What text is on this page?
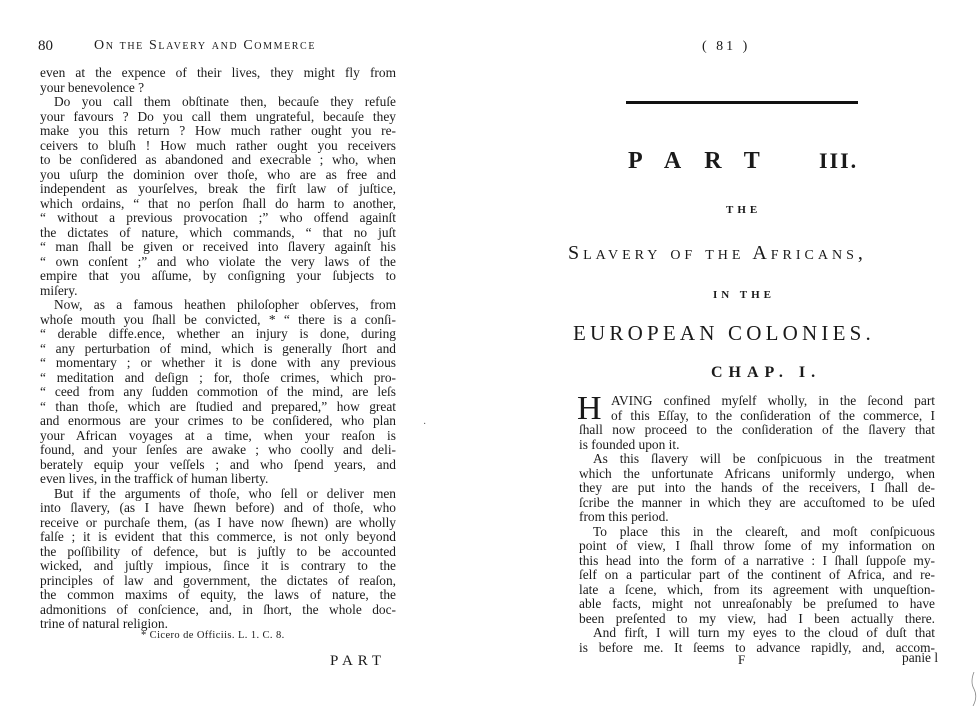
80	On the Slavery and Commerce
even at the expence of their lives, they might fly from
your benevolence ?
Do you call them obſtinate then, becauſe they refuſe
your favours ? Do you call them ungrateful, becauſe they
make you this return ? How much rather ought you re-
ceivers to bluſh ! How much rather ought you receivers
to be conſidered as abandoned and execrable ; who, when
you uſurp the dominion over thoſe, who are as free and
independent as yourſelves, break the firſt law of juſtice,
which ordains, “ that no perſon ſhall do harm to another,
“ without a previous provocation ;” who offend againſt
the dictates of nature, which commands, “ that no juſt
“ man ſhall be given or received into ſlavery againſt his
“ own conſent ;” and who violate the very laws of the
empire that you aſſume, by conſigning your ſubjects to
miſery.
Now, as a famous heathen philoſopher obſerves, from
whoſe mouth you ſhall be convicted, * “ there is a conſi-
“ derable diffe.ence, whether an injury is done, during
“ any perturbation of mind, which is generally ſhort and
“ momentary ; or whether it is done with any previous
“ meditation and deſign ; for, thoſe crimes, which pro-
“ ceed from any ſudden commotion of the mind, are leſs
“ than thoſe, which are ſtudied and prepared,” how great
and enormous are your crimes to be conſidered, who plan
your African voyages at a time, when your reaſon is
found, and your ſenſes are awake ; who coolly and deli-
berately equip your veſſels ; and who ſpend years, and
even lives, in the traffick of human liberty.
But if the arguments of thoſe, who ſell or deliver men
into ſlavery, (as I have ſhewn before) and of thoſe, who
receive or purchaſe them, (as I have now ſhewn) are wholly
falſe ; it is evident that this commerce, is not only beyond
the poſſibility of defence, but is juſtly to be accounted
wicked, and juſtly impious, ſince it is contrary to the
principles of law and government, the dictates of reaſon,
the common maxims of equity, the laws of nature, the
admonitions of conſcience, and, in ſhort, the whole doc-
trine of natural religion.
* Cicero de Officiis. L. 1. C. 8.
PART
·
( 81 )
PART III.
THE
Slavery of the Africans,
IN THE
EUROPEAN COLONIES.
CHAP. I.
H AVING confined myſelf wholly, in the ſecond part
of this Eſſay, to the conſideration of the commerce, I
ſhall now proceed to the conſideration of the ſlavery that
is founded upon it.
As this ſlavery will be conſpicuous in the treatment
which the unfortunate Africans uniformly undergo, when
they are put into the hands of the receivers, I ſhall de-
ſcribe the manner in which they are accuſtomed to be uſed
from this period.
To place this in the cleareſt, and moſt conſpicuous
point of view, I ſhall throw ſome of my information on
this head into the form of a narrative : I ſhall ſuppoſe my-
ſelf on a particular part of the continent of Africa, and re-
late a ſcene, which, from its agreement with unqueſtion-
able facts, might not unreaſonably be preſumed to have
been preſented to my view, had I been actually there.
And firſt, I will turn my eyes to the cloud of duſt that
is before me. It ſeems to advance rapidly, and, accom-
F	panie l
